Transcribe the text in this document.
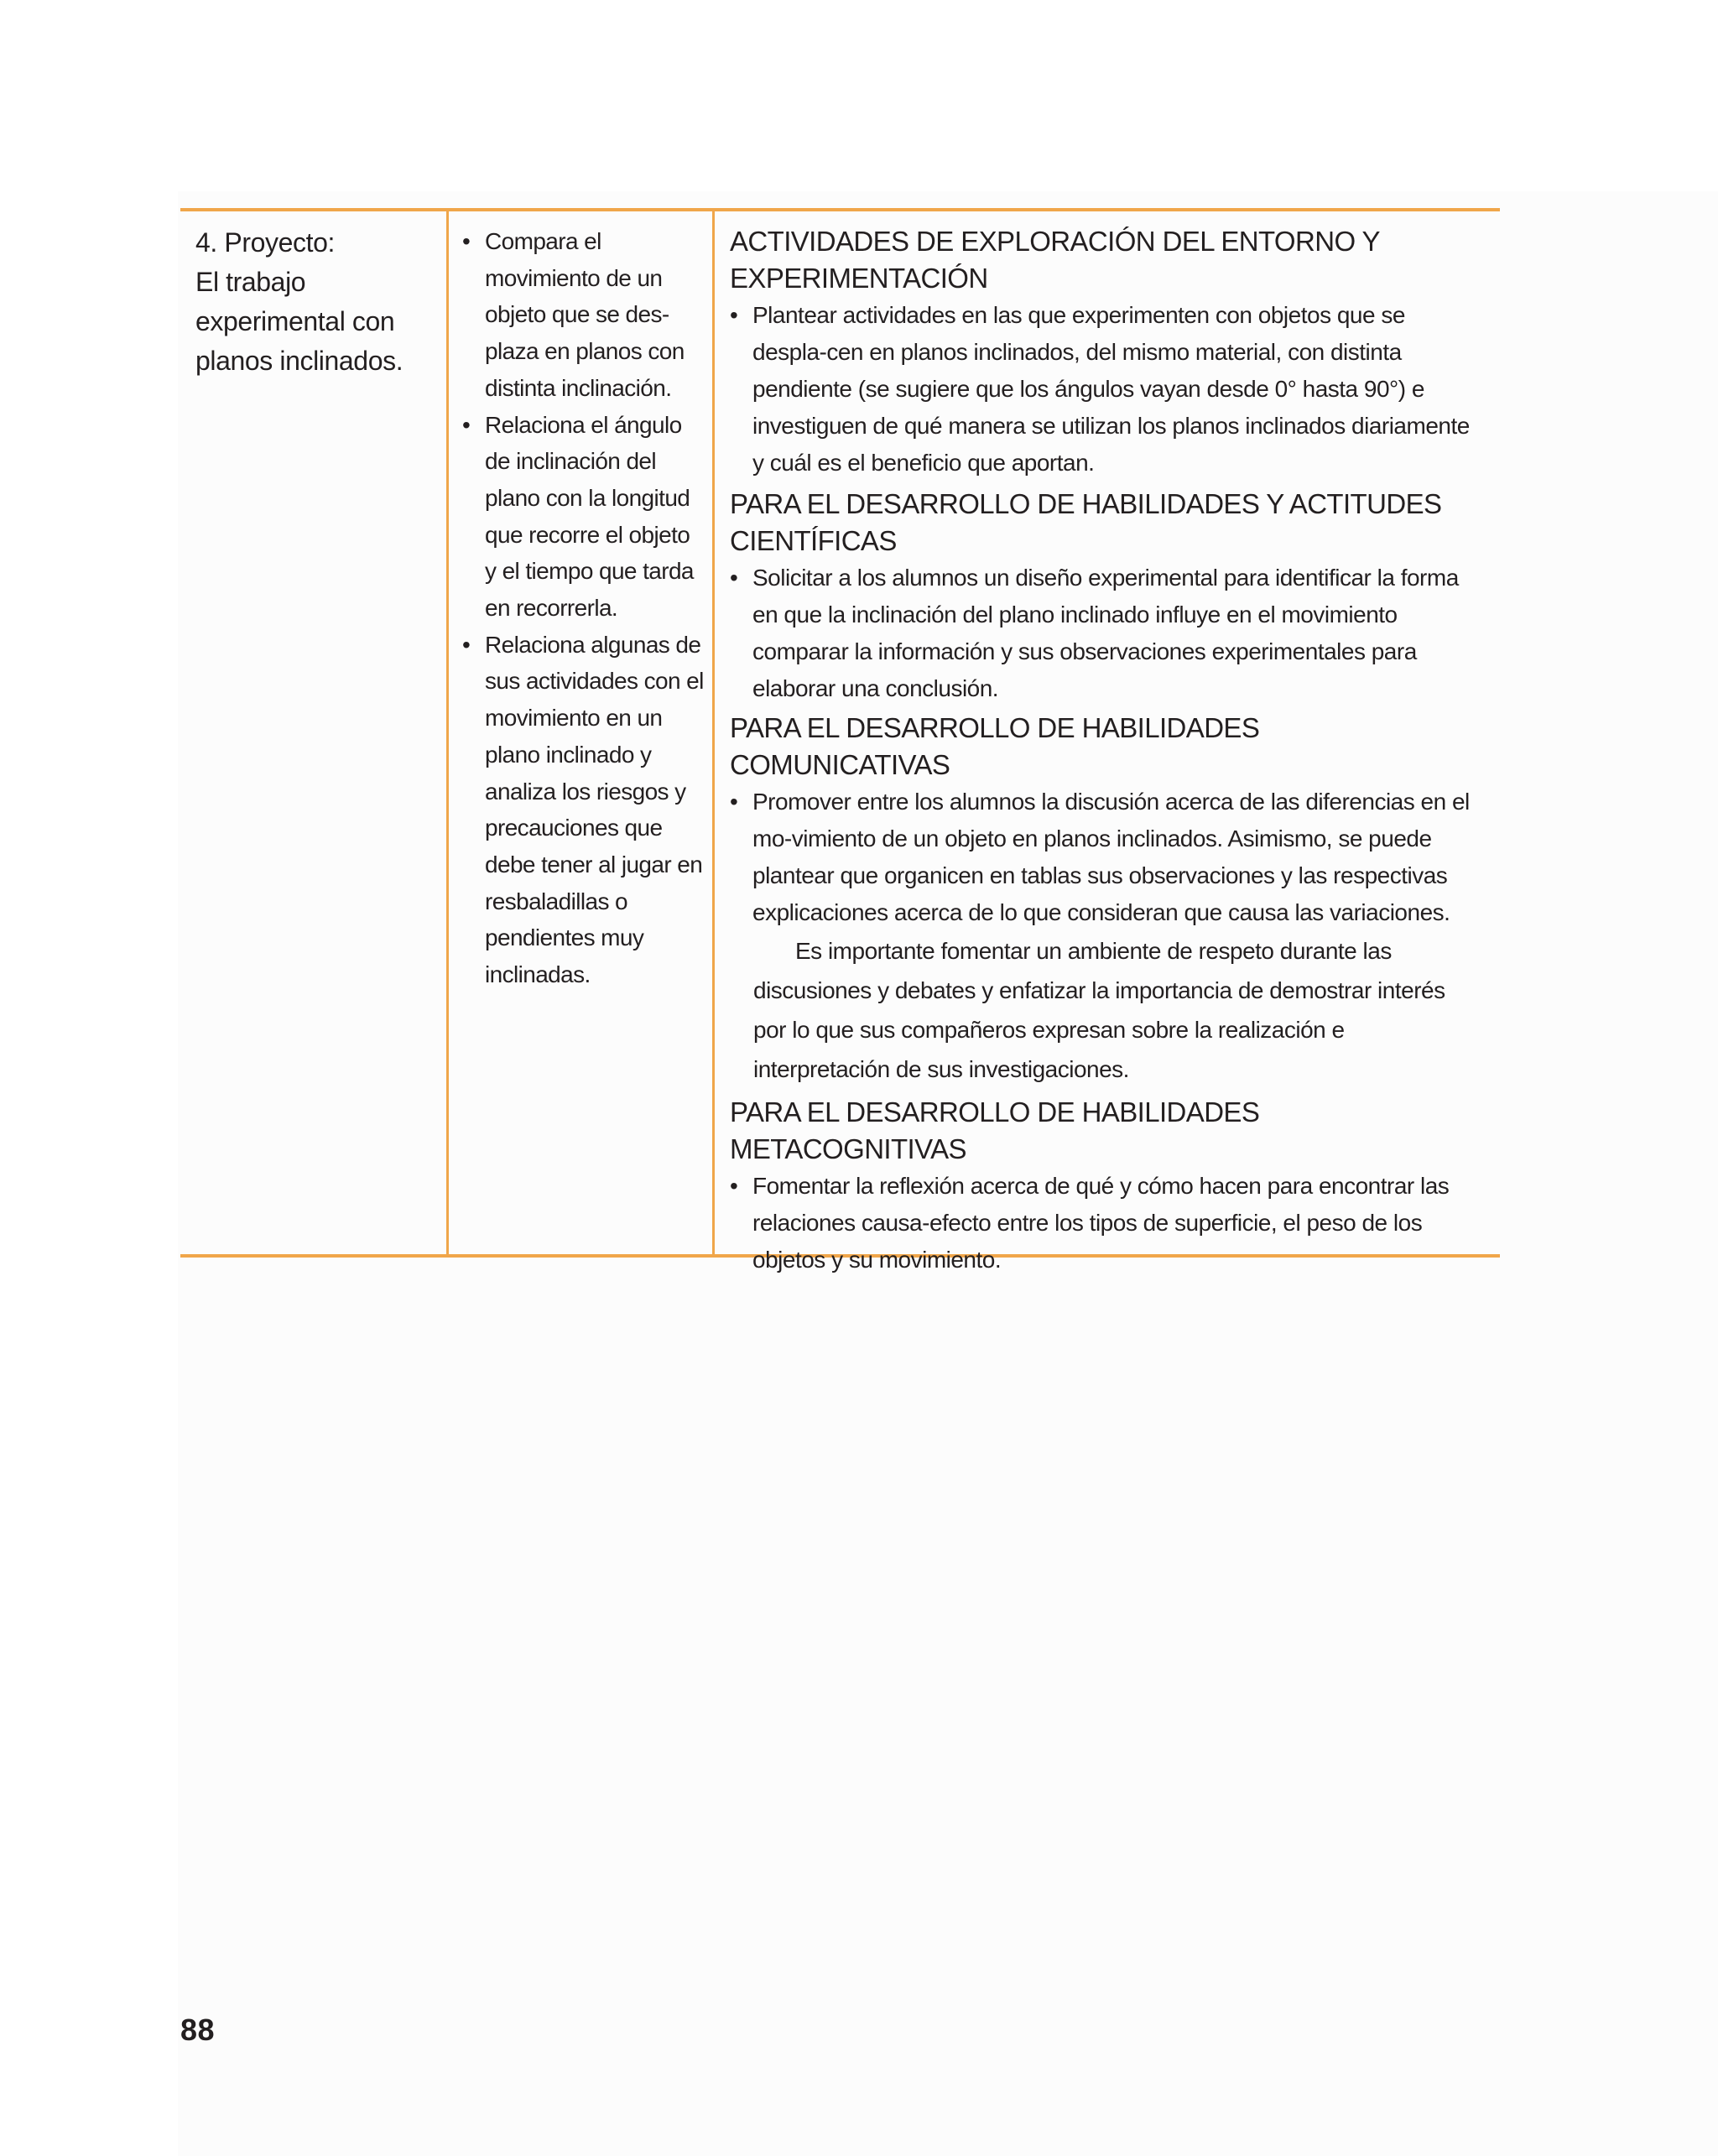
4. Proyecto:
El trabajo
experimental con
planos inclinados.

• Compara el movimiento de un objeto que se des-plaza en planos con distinta inclinación.
• Relaciona el ángulo de inclinación del plano con la longitud que recorre el objeto y el tiempo que tarda en recorrerla.
• Relaciona algunas de sus actividades con el movimiento en un plano inclinado y analiza los riesgos y precauciones que debe tener al jugar en resbaladillas o pendientes muy inclinadas.
ACTIVIDADES DE EXPLORACIÓN DEL ENTORNO Y EXPERIMENTACIÓN
• Plantear actividades en las que experimenten con objetos que se despla-cen en planos inclinados, del mismo material, con distinta pendiente (se sugiere que los ángulos vayan desde 0° hasta 90°) e investiguen de qué manera se utilizan los planos inclinados diariamente y cuál es el beneficio que aportan.
PARA EL DESARROLLO DE HABILIDADES Y ACTITUDES CIENTÍFICAS
• Solicitar a los alumnos un diseño experimental para identificar la forma en que la inclinación del plano inclinado influye en el movimiento comparar la información y sus observaciones experimentales para elaborar una conclusión.
PARA EL DESARROLLO DE HABILIDADES COMUNICATIVAS
• Promover entre los alumnos la discusión acerca de las diferencias en el mo-vimiento de un objeto en planos inclinados. Asimismo, se puede plantear que organicen en tablas sus observaciones y las respectivas explicaciones acerca de lo que consideran que causa las variaciones.

Es importante fomentar un ambiente de respeto durante las discusiones y debates y enfatizar la importancia de demostrar interés por lo que sus compañeros expresan sobre la realización e interpretación de sus investigaciones.

PARA EL DESARROLLO DE HABILIDADES METACOGNITIVAS
• Fomentar la reflexión acerca de qué y cómo hacen para encontrar las relaciones causa-efecto entre los tipos de superficie, el peso de los objetos y su movimiento.
88
